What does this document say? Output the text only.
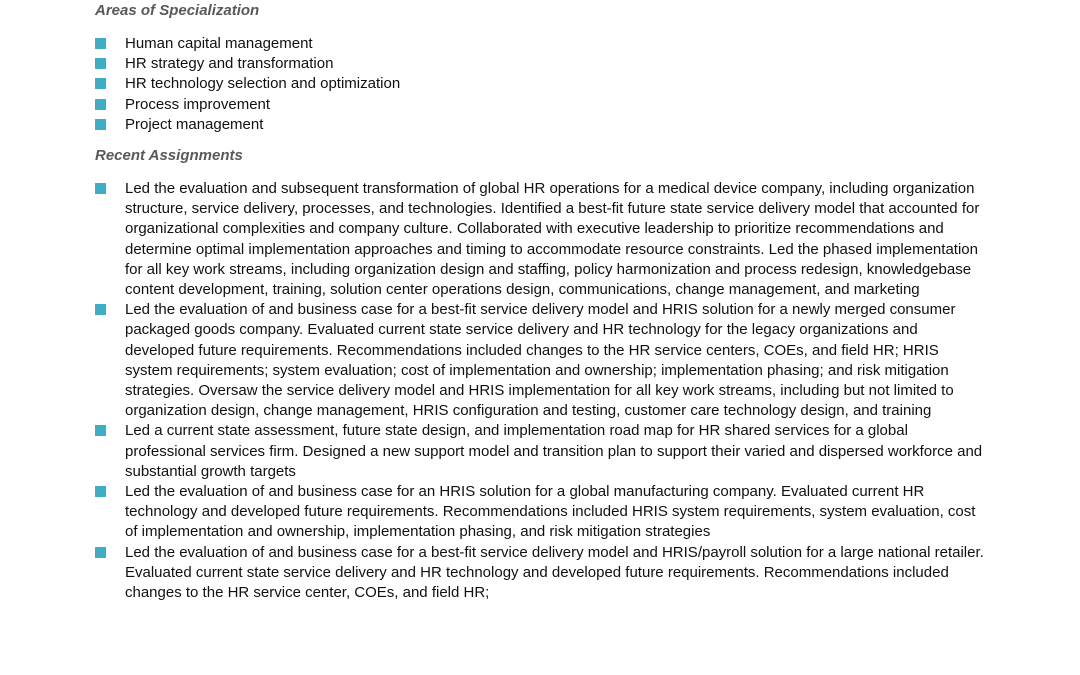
Areas of Specialization
Human capital management
HR strategy and transformation
HR technology selection and optimization
Process improvement
Project management
Recent Assignments
Led the evaluation and subsequent transformation of global HR operations for a medical device company, including organization structure, service delivery, processes, and technologies. Identified a best-fit future state service delivery model that accounted for organizational complexities and company culture. Collaborated with executive leadership to prioritize recommendations and determine optimal implementation approaches and timing to accommodate resource constraints. Led the phased implementation for all key work streams, including organization design and staffing, policy harmonization and process redesign, knowledgebase content development, training, solution center operations design, communications, change management, and marketing
Led the evaluation of and business case for a best-fit service delivery model and HRIS solution for a newly merged consumer packaged goods company. Evaluated current state service delivery and HR technology for the legacy organizations and developed future requirements. Recommendations included changes to the HR service centers, COEs, and field HR; HRIS system requirements; system evaluation; cost of implementation and ownership; implementation phasing; and risk mitigation strategies. Oversaw the service delivery model and HRIS implementation for all key work streams, including but not limited to organization design, change management, HRIS configuration and testing, customer care technology design, and training
Led a current state assessment, future state design, and implementation road map for HR shared services for a global professional services firm. Designed a new support model and transition plan to support their varied and dispersed workforce and substantial growth targets
Led the evaluation of and business case for an HRIS solution for a global manufacturing company. Evaluated current HR technology and developed future requirements. Recommendations included HRIS system requirements, system evaluation, cost of implementation and ownership, implementation phasing, and risk mitigation strategies
Led the evaluation of and business case for a best-fit service delivery model and HRIS/payroll solution for a large national retailer. Evaluated current state service delivery and HR technology and developed future requirements. Recommendations included changes to the HR service center, COEs, and field HR;
